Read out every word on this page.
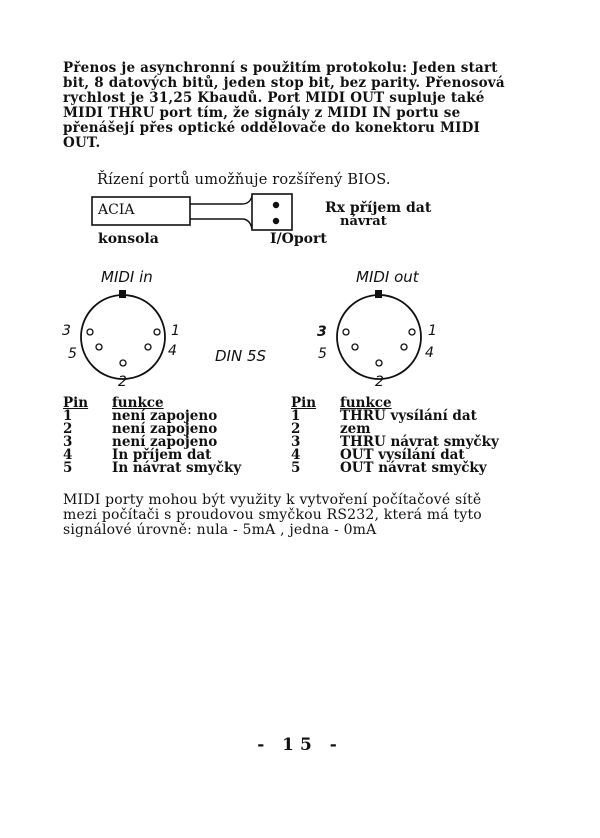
Přenos je asynchronní s použitím protokolu: Jeden start
bit, 8 datových bitů, jeden stop bit, bez parity. Přenosová
rychlost je 31,25 Kbaudů. Port MIDI OUT supluje také
MIDI THRU port tím, že signály z MIDI IN portu se
přenášejí přes optické oddělovače do konektoru MIDI
OUT.
Řízení portů umožňuje rozšířený BIOS.
ACIA
konsola	I/Oport
Rx příjem dat
návrat
MIDI in	MIDI out
3
5
1
4
2
DIN 5S
3
5
1
4
2
Pin	funkce
1	není zapojeno
2	není zapojeno
3	není zapojeno
4	In příjem dat
5	In návrat smyčky
Pin	funkce
1	THRU vysílání dat
2	zem
3	THRU návrat smyčky
4	OUT vysílání dat
5	OUT návrat smyčky
MIDI porty mohou být využity k vytvoření počítačové sítě
mezi počítači s proudovou smyčkou RS232, která má tyto
signálové úrovně: nula - 5mA , jedna - 0mA
- 15 -
